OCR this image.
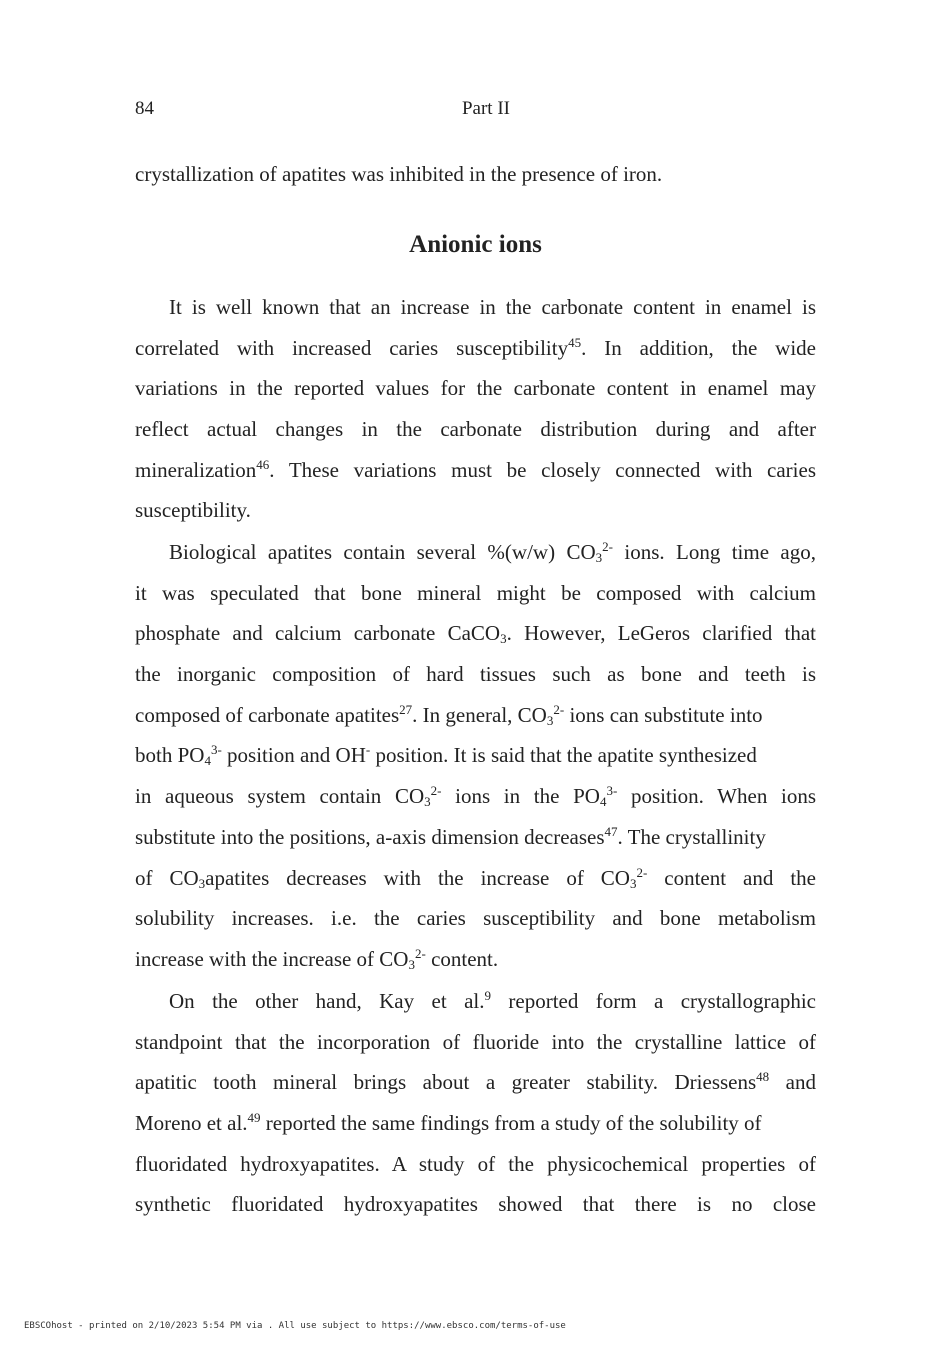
84	Part II
crystallization of apatites was inhibited in the presence of iron.
Anionic ions
It is well known that an increase in the carbonate content in enamel is
correlated with increased caries susceptibility$^{45}$. In addition, the wide
variations in the reported values for the carbonate content in enamel may
reflect actual changes in the carbonate distribution during and after
mineralization$^{46}$. These variations must be closely connected with caries
susceptibility.
Biological apatites contain several %(w/w) $CO_3^{2-}$ ions. Long time ago,
it was speculated that bone mineral might be composed with calcium
phosphate and calcium carbonate CaCO$_3$. However, LeGeros clarified that
the inorganic composition of hard tissues such as bone and teeth is
composed of carbonate apatites$^{27}$. In general, $CO_3^{2-}$ ions can substitute into
both $PO_4^{3-}$ position and OH- position. It is said that the apatite synthesized
in aqueous system contain $CO_3^{2-}$ ions in the $PO_4^{3-}$ position. When ions
substitute into the positions, a-axis dimension decreases$^{47}$. The crystallinity
of $CO_3apatites$ decreases with the increase of $CO_3^{2-}$ content and the
solubility increases. i.e. the caries susceptibility and bone metabolism
increase with the increase of $CO_3^{2-}$ content.
On the other hand, Kay et al.$^9$ reported form a crystallographic
standpoint that the incorporation of fluoride into the crystalline lattice of
apatitic tooth mineral brings about a greater stability. Driessens$^{48}$ and
Moreno et al.$^{49}$ reported the same findings from a study of the solubility of
fluoridated hydroxyapatites. A study of the physicochemical properties of
synthetic fluoridated hydroxyapatites showed that there is no close
EBSCOhost - printed on 2/10/2023 5:54 PM via . All use subject to https://www.ebsco.com/terms-of-use
